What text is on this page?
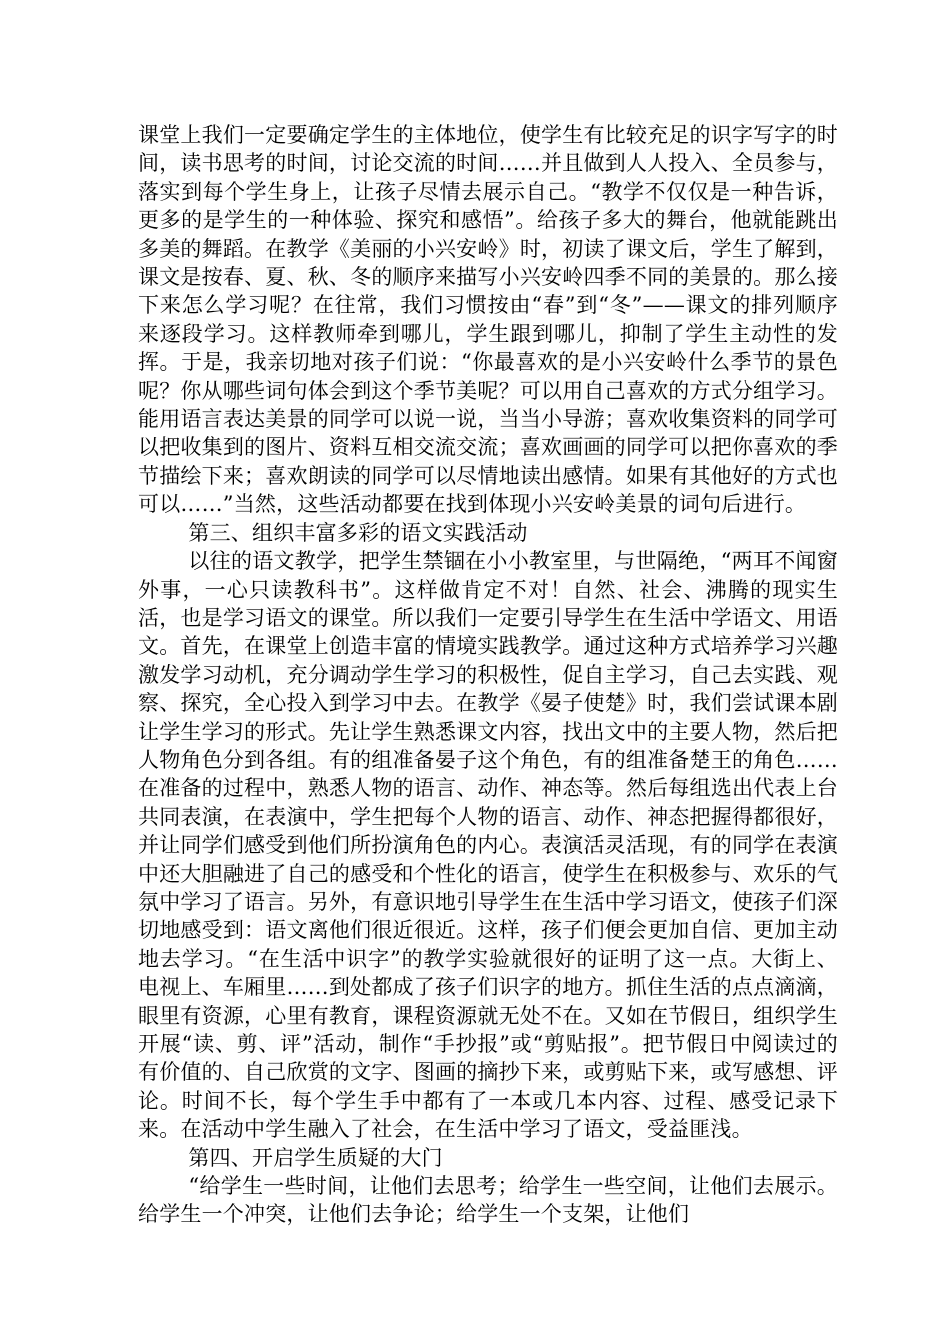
课堂上我们一定要确定学生的主体地位，使学生有比较充足的识字写字的时间，读书思考的时间，讨论交流的时间……并且做到人人投入、全员参与，落实到每个学生身上，让孩子尽情去展示自己。“教学不仅仅是一种告诉，更多的是学生的一种体验、探究和感悟”。给孩子多大的舞台，他就能跳出多美的舞蹈。在教学《美丽的小兴安岭》时，初读了课文后，学生了解到，课文是按春、夏、秋、冬的顺序来描写小兴安岭四季不同的美景的。那么接下来怎么学习呢？在往常，我们习惯按由“春”到“冬”——课文的排列顺序来逐段学习。这样教师牵到哪儿，学生跟到哪儿，抑制了学生主动性的发挥。于是，我亲切地对孩子们说：“你最喜欢的是小兴安岭什么季节的景色呢？你从哪些词句体会到这个季节美呢？可以用自己喜欢的方式分组学习。能用语言表达美景的同学可以说一说，当当小导游；喜欢收集资料的同学可以把收集到的图片、资料互相交流交流；喜欢画画的同学可以把你喜欢的季节描绘下来；喜欢朗读的同学可以尽情地读出感情。如果有其他好的方式也可以……”当然，这些活动都要在找到体现小兴安岭美景的词句后进行。

第三、组织丰富多彩的语文实践活动

以往的语文教学，把学生禁锢在小小教室里，与世隔绝，“两耳不闻窗外事，一心只读教科书”。这样做肯定不对！自然、社会、沸腾的现实生活，也是学习语文的课堂。所以我们一定要引导学生在生活中学语文、用语文。首先，在课堂上创造丰富的情境实践教学。通过这种方式培养学习兴趣激发学习动机，充分调动学生学习的积极性，促自主学习，自己去实践、观察、探究，全心投入到学习中去。在教学《晏子使楚》时，我们尝试课本剧让学生学习的形式。先让学生熟悉课文内容，找出文中的主要人物，然后把人物角色分到各组。有的组准备晏子这个角色，有的组准备楚王的角色……在准备的过程中，熟悉人物的语言、动作、神态等。然后每组选出代表上台共同表演，在表演中，学生把每个人物的语言、动作、神态把握得都很好，并让同学们感受到他们所扮演角色的内心。表演活灵活现，有的同学在表演中还大胆融进了自己的感受和个性化的语言，使学生在积极参与、欢乐的气氛中学习了语言。另外，有意识地引导学生在生活中学习语文，使孩子们深切地感受到：语文离他们很近很近。这样，孩子们便会更加自信、更加主动地去学习。“在生活中识字”的教学实验就很好的证明了这一点。大街上、电视上、车厢里……到处都成了孩子们识字的地方。抓住生活的点点滴滴，眼里有资源，心里有教育，课程资源就无处不在。又如在节假日，组织学生开展“读、剪、评”活动，制作“手抄报”或“剪贴报”。把节假日中阅读过的有价值的、自己欣赏的文字、图画的摘抄下来，或剪贴下来，或写感想、评论。时间不长，每个学生手中都有了一本或几本内容、过程、感受记录下来。在活动中学生融入了社会，在生活中学习了语文，受益匪浅。

第四、开启学生质疑的大门

“给学生一些时间，让他们去思考；给学生一些空间，让他们去展示。给学生一个冲突，让他们去争论；给学生一个支架，让他们
